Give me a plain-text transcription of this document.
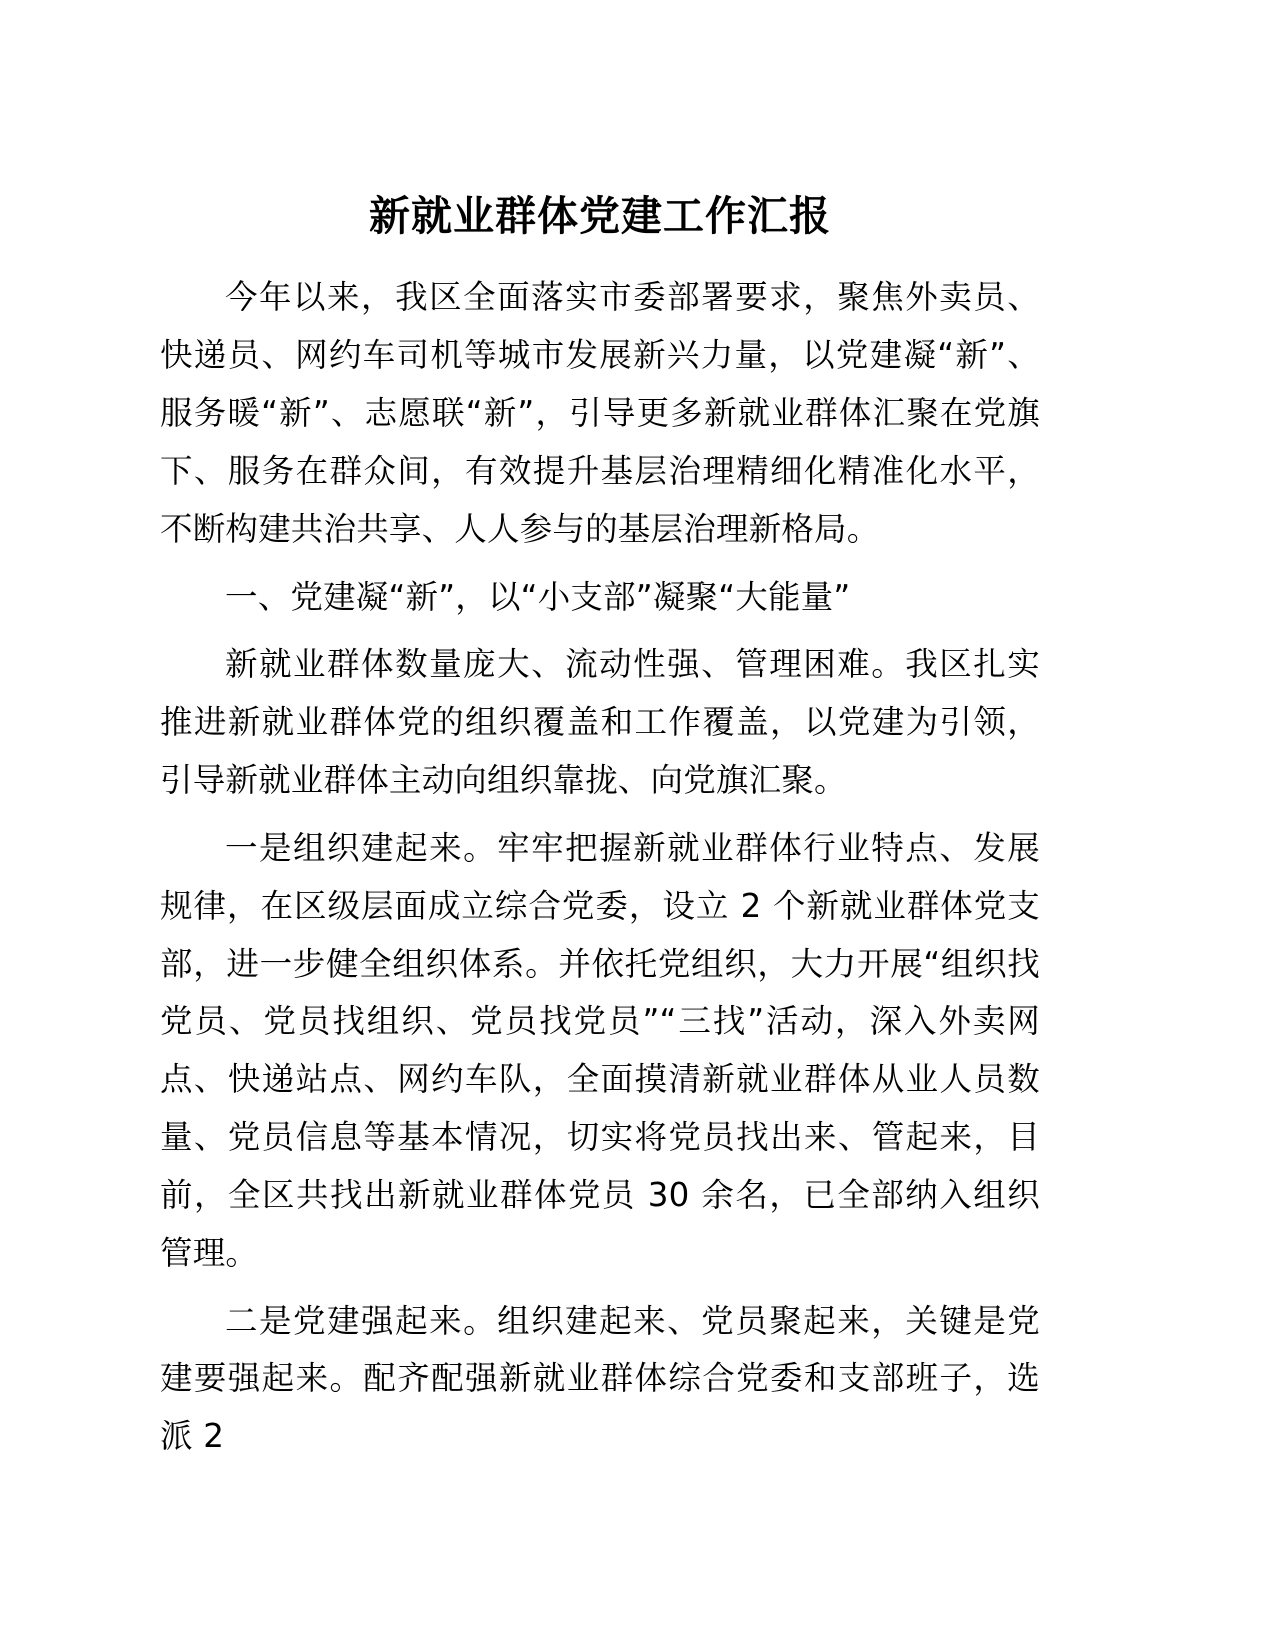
新就业群体党建工作汇报

今年以来，我区全面落实市委部署要求，聚焦外卖员、快递员、网约车司机等城市发展新兴力量，以党建凝“新”、服务暖“新”、志愿联“新”，引导更多新就业群体汇聚在党旗下、服务在群众间，有效提升基层治理精细化精准化水平，不断构建共治共享、人人参与的基层治理新格局。

一、党建凝“新”，以“小支部”凝聚“大能量”

新就业群体数量庞大、流动性强、管理困难。我区扎实推进新就业群体党的组织覆盖和工作覆盖，以党建为引领，引导新就业群体主动向组织靠拢、向党旗汇聚。

一是组织建起来。牢牢把握新就业群体行业特点、发展规律，在区级层面成立综合党委，设立 2 个新就业群体党支部，进一步健全组织体系。并依托党组织，大力开展“组织找党员、党员找组织、党员找党员”“三找”活动，深入外卖网点、快递站点、网约车队，全面摸清新就业群体从业人员数量、党员信息等基本情况，切实将党员找出来、管起来，目前，全区共找出新就业群体党员 30 余名，已全部纳入组织管理。

二是党建强起来。组织建起来、党员聚起来，关键是党建要强起来。配齐配强新就业群体综合党委和支部班子，选派 2
